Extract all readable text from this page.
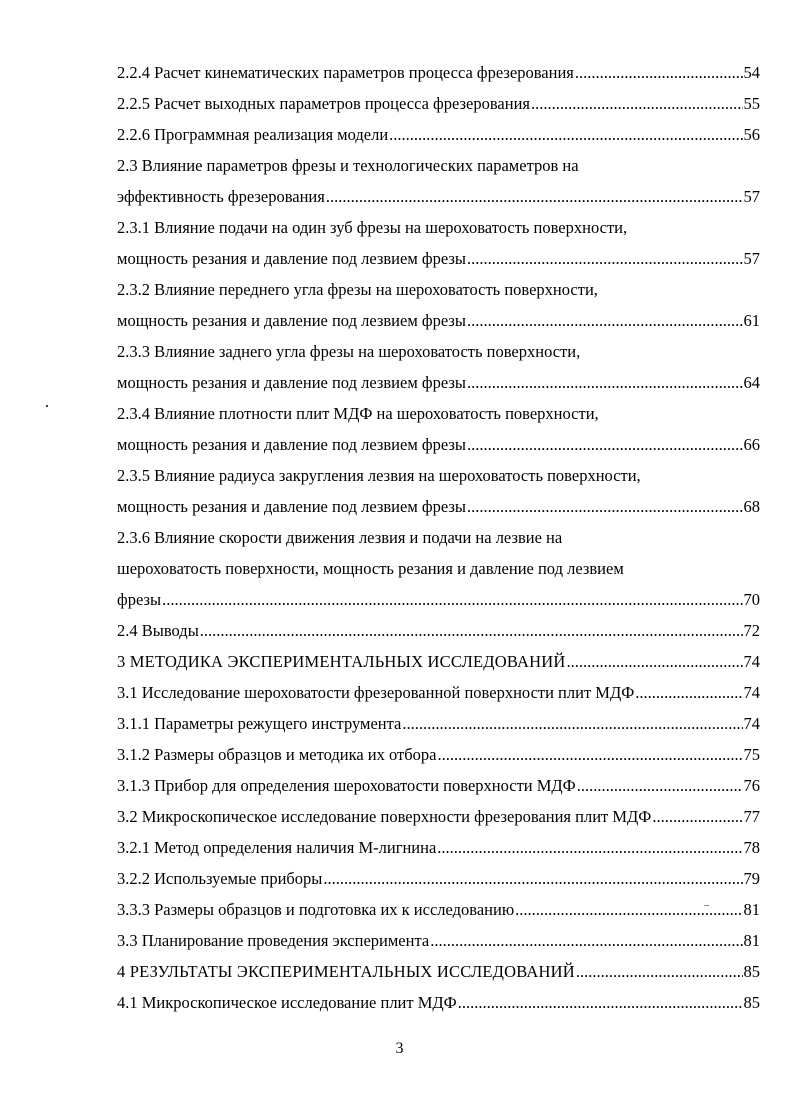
2.2.4 Расчет кинематических параметров процесса фрезерования .....	54
2.2.5 Расчет выходных параметров процесса фрезерования .....	55
2.2.6 Программная реализация модели .....	56
2.3 Влияние параметров фрезы и технологических параметров на
эффективность фрезерования .....	57
2.3.1 Влияние подачи на один зуб фрезы на шероховатость поверхности,
мощность резания и давление под лезвием фрезы .....	57
2.3.2 Влияние переднего угла фрезы на шероховатость поверхности,
мощность резания и давление под лезвием фрезы .....	61
2.3.3 Влияние заднего угла фрезы на шероховатость поверхности,
мощность резания и давление под лезвием фрезы .....	64
2.3.4 Влияние плотности плит МДФ на шероховатость поверхности,
мощность резания и давление под лезвием фрезы .....	66
2.3.5 Влияние радиуса закругления лезвия на шероховатость поверхности,
мощность резания и давление под лезвием фрезы .....	68
2.3.6 Влияние скорости движения лезвия и подачи на лезвие на
шероховатость поверхности, мощность резания и давление под лезвием
фрезы .....	70
2.4 Выводы .....	72
3 МЕТОДИКА ЭКСПЕРИМЕНТАЛЬНЫХ ИССЛЕДОВАНИЙ .....	74
3.1 Исследование шероховатости фрезерованной поверхности плит МДФ .....	74
3.1.1 Параметры режущего инструмента .....	74
3.1.2 Размеры образцов и методика их отбора .....	75
3.1.3 Прибор для определения шероховатости поверхности МДФ .....	76
3.2 Микроскопическое исследование поверхности фрезерования плит МДФ .....	77
3.2.1 Метод определения наличия М-лигнина .....	78
3.2.2 Используемые приборы .....	79
3.3.3 Размеры образцов и подготовка их к исследованию .....	81
3.3 Планирование проведения эксперимента .....	81
4 РЕЗУЛЬТАТЫ ЭКСПЕРИМЕНТАЛЬНЫХ ИССЛЕДОВАНИЙ .....	85
4.1 Микроскопическое исследование плит МДФ .....	85
3
